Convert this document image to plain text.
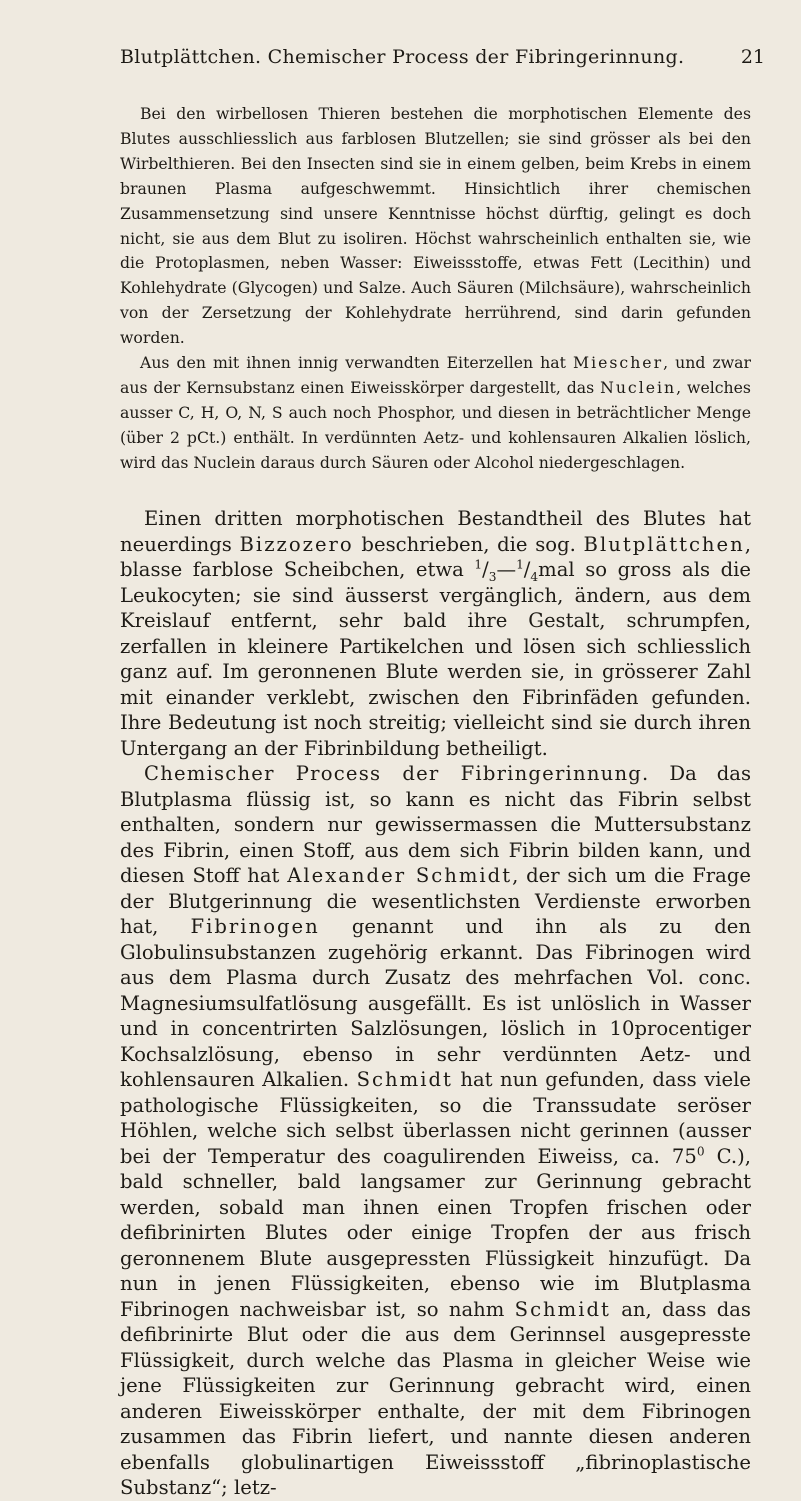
Blutplättchen. Chemischer Process der Fibringerinnung.	21

Bei den wirbellosen Thieren bestehen die morphotischen Elemente des Blutes ausschliesslich aus farblosen Blutzellen; sie sind grösser als bei den Wirbelthieren. Bei den Insecten sind sie in einem gelben, beim Krebs in einem braunen Plasma aufgeschwemmt. Hinsichtlich ihrer chemischen Zusammensetzung sind unsere Kenntnisse höchst dürftig, gelingt es doch nicht, sie aus dem Blut zu isoliren. Höchst wahrscheinlich enthalten sie, wie die Protoplasmen, neben Wasser: Eiweissstoffe, etwas Fett (Lecithin) und Kohlehydrate (Glycogen) und Salze. Auch Säuren (Milchsäure), wahrscheinlich von der Zersetzung der Kohlehydrate herrührend, sind darin gefunden worden.

Aus den mit ihnen innig verwandten Eiterzellen hat Miescher, und zwar aus der Kernsubstanz einen Eiweisskörper dargestellt, das Nuclein, welches ausser C, H, O, N, S auch noch Phosphor, und diesen in beträchtlicher Menge (über 2 pCt.) enthält. In verdünnten Aetz- und kohlensauren Alkalien löslich, wird das Nuclein daraus durch Säuren oder Alcohol niedergeschlagen.

Einen dritten morphotischen Bestandtheil des Blutes hat neuerdings Bizzozero beschrieben, die sog. Blutplättchen, blasse farblose Scheibchen, etwa $^1/_3—^1/_4mal$ so gross als die Leukocyten; sie sind äusserst vergänglich, ändern, aus dem Kreislauf entfernt, sehr bald ihre Gestalt, schrumpfen, zerfallen in kleinere Partikelchen und lösen sich schliesslich ganz auf. Im geronnenen Blute werden sie, in grösserer Zahl mit einander verklebt, zwischen den Fibrinfäden gefunden. Ihre Bedeutung ist noch streitig; vielleicht sind sie durch ihren Untergang an der Fibrinbildung betheiligt.

Chemischer Process der Fibringerinnung. Da das Blutplasma flüssig ist, so kann es nicht das Fibrin selbst enthalten, sondern nur gewissermassen die Muttersubstanz des Fibrin, einen Stoff, aus dem sich Fibrin bilden kann, und diesen Stoff hat Alexander Schmidt, der sich um die Frage der Blutgerinnung die wesentlichsten Verdienste erworben hat, Fibrinogen genannt und ihn als zu den Globulinsubstanzen zugehörig erkannt. Das Fibrinogen wird aus dem Plasma durch Zusatz des mehrfachen Vol. conc. Magnesiumsulfatlösung ausgefällt. Es ist unlöslich in Wasser und in concentrirten Salzlösungen, löslich in 10procentiger Kochsalzlösung, ebenso in sehr verdünnten Aetz- und kohlensauren Alkalien. Schmidt hat nun gefunden, dass viele pathologische Flüssigkeiten, so die Transsudate seröser Höhlen, welche sich selbst überlassen nicht gerinnen (ausser bei der Temperatur des coagulirenden Eiweiss, ca. $75^0$ C.), bald schneller, bald langsamer zur Gerinnung gebracht werden, sobald man ihnen einen Tropfen frischen oder defibrinirten Blutes oder einige Tropfen der aus frisch geronnenem Blute ausgepressten Flüssigkeit hinzufügt. Da nun in jenen Flüssigkeiten, ebenso wie im Blutplasma Fibrinogen nachweisbar ist, so nahm Schmidt an, dass das defibrinirte Blut oder die aus dem Gerinnsel ausgepresste Flüssigkeit, durch welche das Plasma in gleicher Weise wie jene Flüssigkeiten zur Gerinnung gebracht wird, einen anderen Eiweisskörper enthalte, der mit dem Fibrinogen zusammen das Fibrin liefert, und nannte diesen anderen ebenfalls globulinartigen Eiweissstoff „fibrinoplastische Substanz“; letz-
